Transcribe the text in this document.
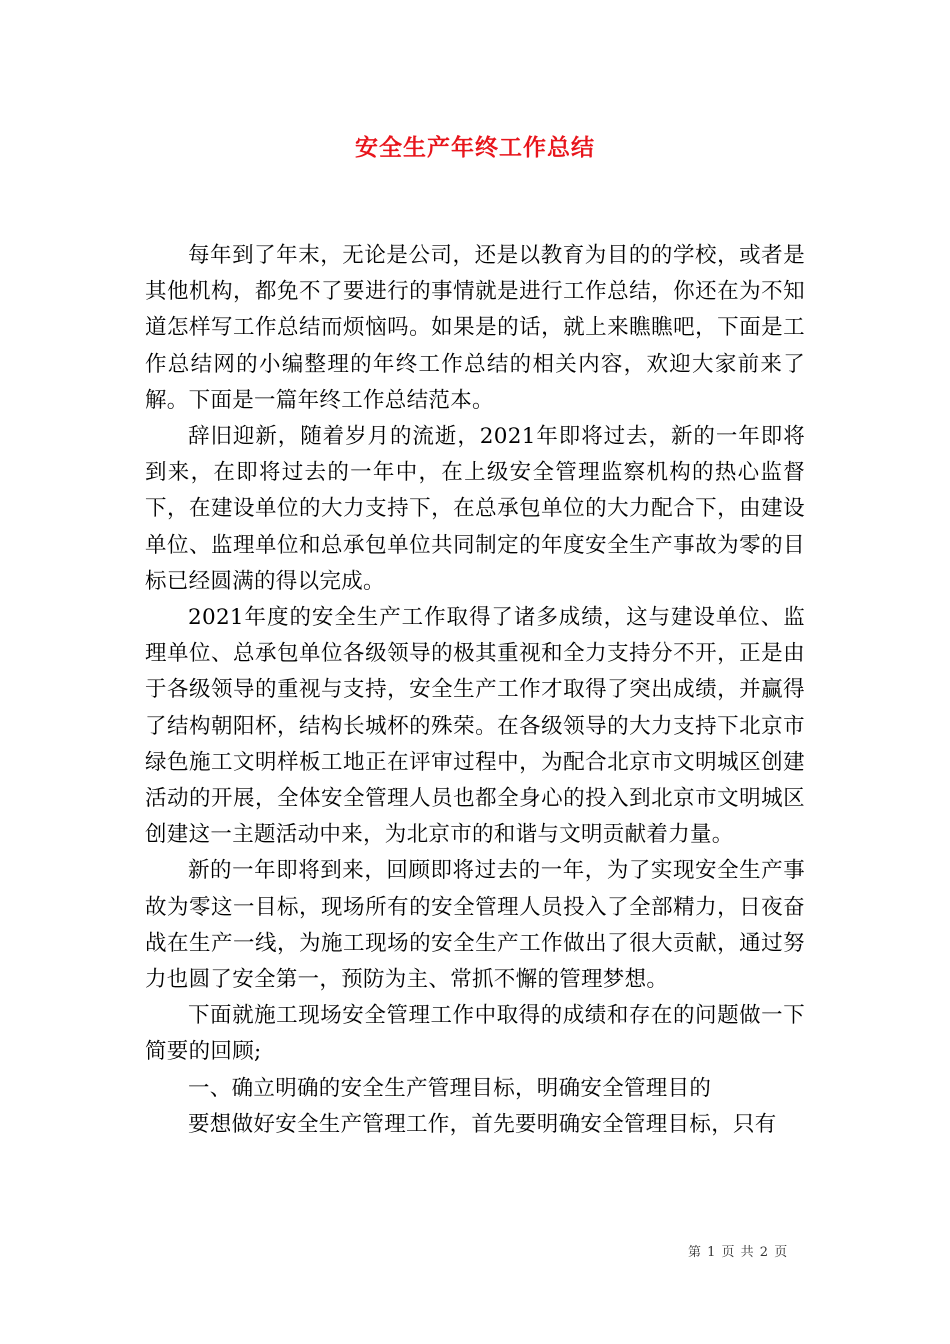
安全生产年终工作总结

每年到了年末，无论是公司，还是以教育为目的的学校，或者是其他机构，都免不了要进行的事情就是进行工作总结，你还在为不知道怎样写工作总结而烦恼吗。如果是的话，就上来瞧瞧吧，下面是工作总结网的小编整理的年终工作总结的相关内容，欢迎大家前来了解。下面是一篇年终工作总结范本。

辞旧迎新，随着岁月的流逝，2021年即将过去，新的一年即将到来，在即将过去的一年中，在上级安全管理监察机构的热心监督下，在建设单位的大力支持下，在总承包单位的大力配合下，由建设单位、监理单位和总承包单位共同制定的年度安全生产事故为零的目标已经圆满的得以完成。

2021年度的安全生产工作取得了诸多成绩，这与建设单位、监理单位、总承包单位各级领导的极其重视和全力支持分不开，正是由于各级领导的重视与支持，安全生产工作才取得了突出成绩，并赢得了结构朝阳杯，结构长城杯的殊荣。在各级领导的大力支持下北京市绿色施工文明样板工地正在评审过程中，为配合北京市文明城区创建活动的开展，全体安全管理人员也都全身心的投入到北京市文明城区创建这一主题活动中来，为北京市的和谐与文明贡献着力量。

新的一年即将到来，回顾即将过去的一年，为了实现安全生产事故为零这一目标，现场所有的安全管理人员投入了全部精力，日夜奋战在生产一线，为施工现场的安全生产工作做出了很大贡献，通过努力也圆了安全第一，预防为主、常抓不懈的管理梦想。

下面就施工现场安全管理工作中取得的成绩和存在的问题做一下简要的回顾;

一、确立明确的安全生产管理目标，明确安全管理目的

要想做好安全生产管理工作，首先要明确安全管理目标，只有

第 1 页 共 2 页
